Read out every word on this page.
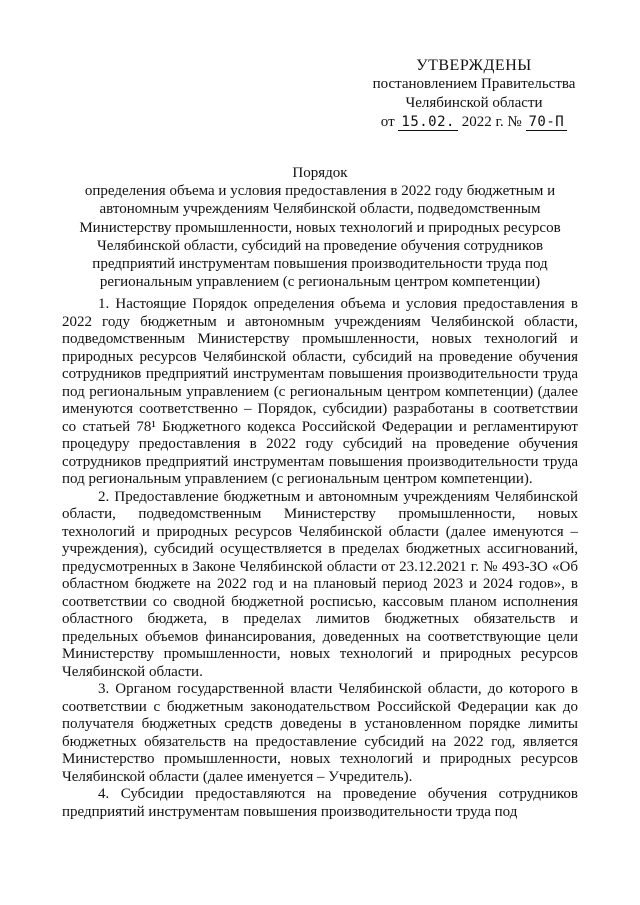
УТВЕРЖДЕНЫ
постановлением Правительства
Челябинской области
от 15.02. 2022 г. № 70-П
Порядок
определения объема и условия предоставления в 2022 году бюджетным и автономным учреждениям Челябинской области, подведомственным Министерству промышленности, новых технологий и природных ресурсов Челябинской области, субсидий на проведение обучения сотрудников предприятий инструментам повышения производительности труда под региональным управлением (с региональным центром компетенции)

1. Настоящие Порядок определения объема и условия предоставления в 2022 году бюджетным и автономным учреждениям Челябинской области, подведомственным Министерству промышленности, новых технологий и природных ресурсов Челябинской области, субсидий на проведение обучения сотрудников предприятий инструментам повышения производительности труда под региональным управлением (с региональным центром компетенции) (далее именуются соответственно – Порядок, субсидии) разработаны в соответствии со статьей 78¹ Бюджетного кодекса Российской Федерации и регламентируют процедуру предоставления в 2022 году субсидий на проведение обучения сотрудников предприятий инструментам повышения производительности труда под региональным управлением (с региональным центром компетенции).

2. Предоставление бюджетным и автономным учреждениям Челябинской области, подведомственным Министерству промышленности, новых технологий и природных ресурсов Челябинской области (далее именуются – учреждения), субсидий осуществляется в пределах бюджетных ассигнований, предусмотренных в Законе Челябинской области от 23.12.2021 г. № 493-ЗО «Об областном бюджете на 2022 год и на плановый период 2023 и 2024 годов», в соответствии со сводной бюджетной росписью, кассовым планом исполнения областного бюджета, в пределах лимитов бюджетных обязательств и предельных объемов финансирования, доведенных на соответствующие цели Министерству промышленности, новых технологий и природных ресурсов Челябинской области.

3. Органом государственной власти Челябинской области, до которого в соответствии с бюджетным законодательством Российской Федерации как до получателя бюджетных средств доведены в установленном порядке лимиты бюджетных обязательств на предоставление субсидий на 2022 год, является Министерство промышленности, новых технологий и природных ресурсов Челябинской области (далее именуется – Учредитель).

4. Субсидии предоставляются на проведение обучения сотрудников предприятий инструментам повышения производительности труда под
